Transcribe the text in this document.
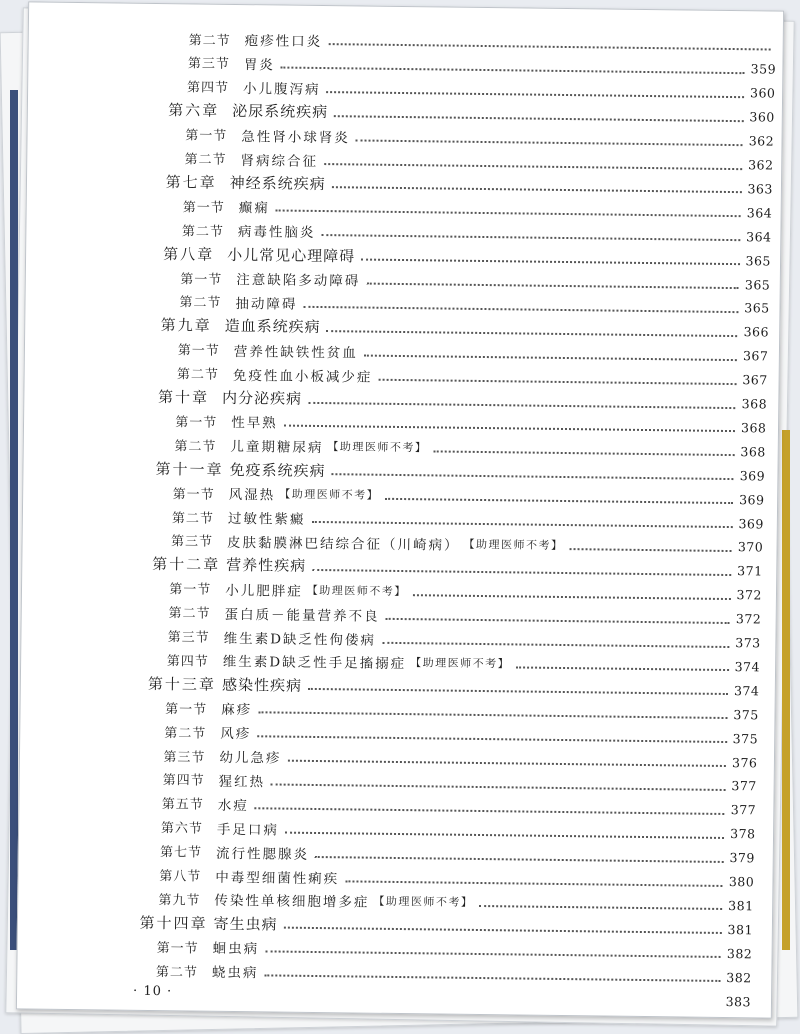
第二节 疱疹性口炎
第三节 胃炎	359
第四节 小儿腹泻病	360
第六章 泌尿系统疾病	360
第一节 急性肾小球肾炎	362
第二节 肾病综合征	362
第七章 神经系统疾病	363
第一节 癫痫	364
第二节 病毒性脑炎	364
第八章 小儿常见心理障碍	365
第一节 注意缺陷多动障碍	365
第二节 抽动障碍	365
第九章 造血系统疾病	366
第一节 营养性缺铁性贫血	367
第二节 免疫性血小板减少症	367
第十章 内分泌疾病	368
第一节 性早熟	368
第二节 儿童期糖尿病 【助理医师不考】	368
第十一章 免疫系统疾病	369
第一节 风湿热 【助理医师不考】	369
第二节 过敏性紫癜	369
第三节 皮肤黏膜淋巴结综合征（川崎病） 【助理医师不考】	370
第十二章 营养性疾病	371
第一节 小儿肥胖症 【助理医师不考】	372
第二节 蛋白质－能量营养不良	372
第三节 维生素D缺乏性佝偻病	373
第四节 维生素D缺乏性手足搐搦症 【助理医师不考】	374
第十三章 感染性疾病	374
第一节 麻疹	375
第二节 风疹	375
第三节 幼儿急疹	376
第四节 猩红热	377
第五节 水痘	377
第六节 手足口病	378
第七节 流行性腮腺炎	379
第八节 中毒型细菌性痢疾	380
第九节 传染性单核细胞增多症 【助理医师不考】	381
第十四章 寄生虫病	381
第一节 蛔虫病	382
第二节 蛲虫病	382
383
· 10 ·
